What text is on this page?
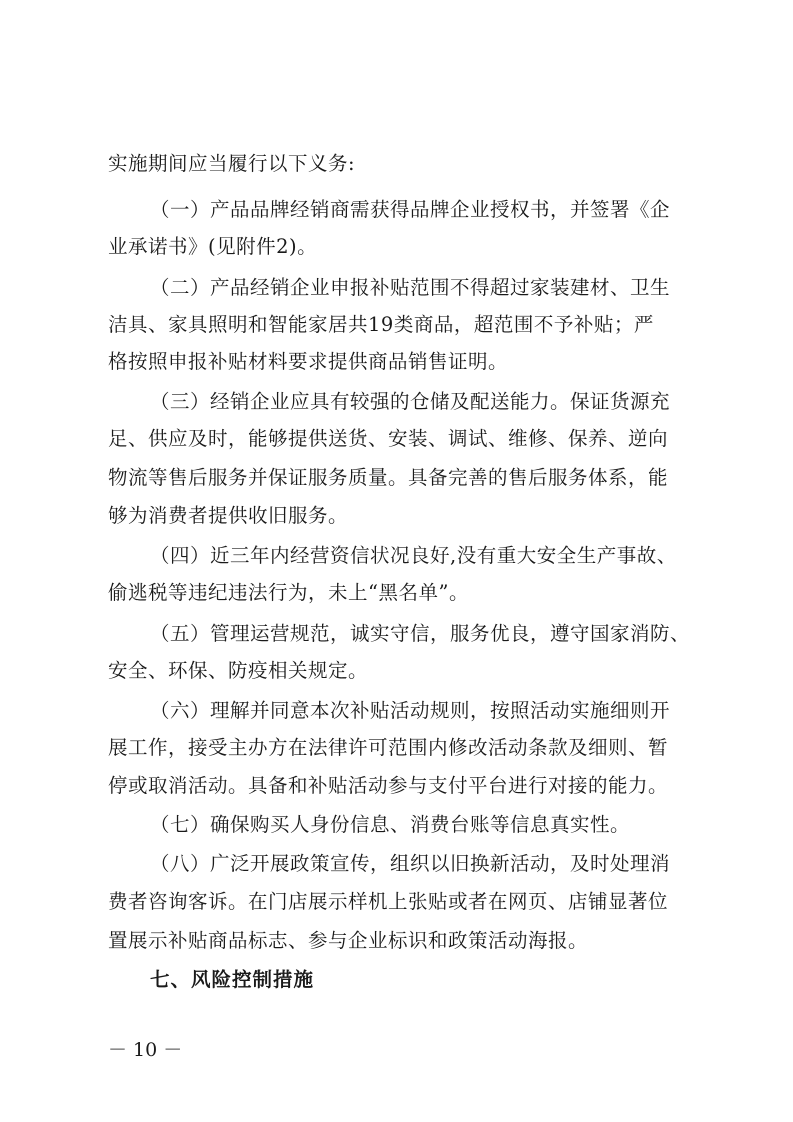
实施期间应当履行以下义务:
（一）产品品牌经销商需获得品牌企业授权书，并签署《企
业承诺书》(见附件2)。
（二）产品经销企业申报补贴范围不得超过家装建材、卫生
洁具、家具照明和智能家居共19类商品，超范围不予补贴；严
格按照申报补贴材料要求提供商品销售证明。
（三）经销企业应具有较强的仓储及配送能力。保证货源充
足、供应及时，能够提供送货、安装、调试、维修、保养、逆向
物流等售后服务并保证服务质量。具备完善的售后服务体系，能
够为消费者提供收旧服务。
（四）近三年内经营资信状况良好,没有重大安全生产事故、
偷逃税等违纪违法行为，未上“黑名单”。
（五）管理运营规范，诚实守信，服务优良，遵守国家消防、
安全、环保、防疫相关规定。
（六）理解并同意本次补贴活动规则，按照活动实施细则开
展工作，接受主办方在法律许可范围内修改活动条款及细则、暂
停或取消活动。具备和补贴活动参与支付平台进行对接的能力。
（七）确保购买人身份信息、消费台账等信息真实性。
（八）广泛开展政策宣传，组织以旧换新活动，及时处理消
费者咨询客诉。在门店展示样机上张贴或者在网页、店铺显著位
置展示补贴商品标志、参与企业标识和政策活动海报。
七、风险控制措施
－ 10 －
